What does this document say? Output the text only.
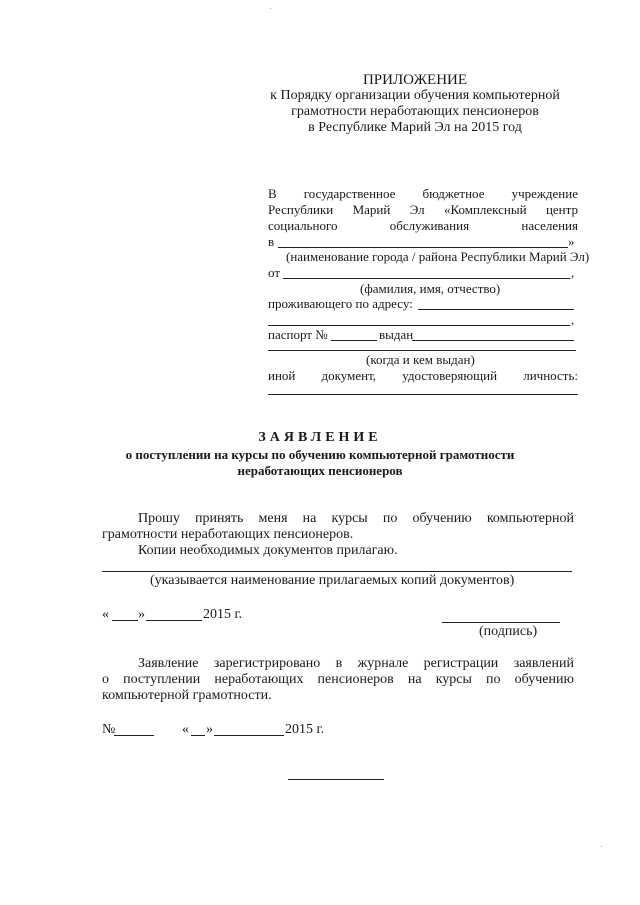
ПРИЛОЖЕНИЕ
к Порядку организации обучения компьютерной
грамотности неработающих пенсионеров
в Республике Марий Эл на 2015 год
В государственное бюджетное учреждение
Республики Марий Эл «Комплексный центр
социального	обслуживания	населения
в	»
(наименование города / района Республики Марий Эл)
от	,
(фамилия, имя, отчество)
проживающего по адресу:
,
паспорт №	выдан
(когда и кем выдан)
иной документ, удостоверяющий личность:
ЗАЯВЛЕНИЕ
о поступлении на курсы по обучению компьютерной грамотности
неработающих пенсионеров
Прошу принять меня на курсы по обучению компьютерной
грамотности неработающих пенсионеров.
Копии необходимых документов прилагаю.
(указывается наименование прилагаемых копий документов)
« »	2015 г.
(подпись)
Заявление зарегистрировано в журнале регистрации заявлений
о поступлении неработающих пенсионеров на курсы по обучению
компьютерной грамотности.
№	« »	2015 г.
